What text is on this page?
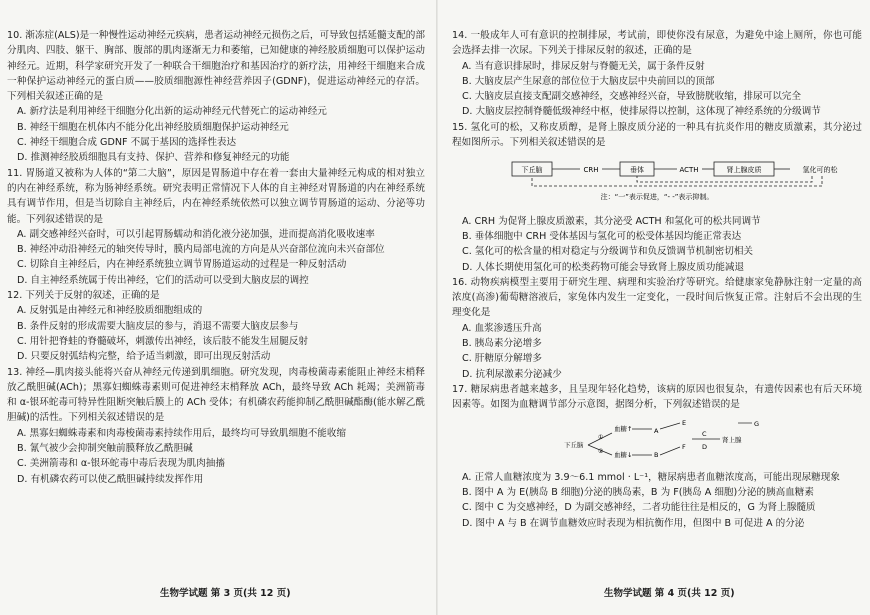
10. 渐冻症(ALS)是一种慢性运动神经元疾病，患者运动神经元损伤之后，可导致包括延髓支配的部分肌肉、四肢、躯干、胸部、腹部的肌肉逐渐无力和萎缩，已知健康的神经胶质细胞可以保护运动神经元。近期，科学家研究开发了一种联合干细胞治疗和基因治疗的新疗法，用神经干细胞来合成一种保护运动神经元的蛋白质——胶质细胞源性神经营养因子(GDNF)，促进运动神经元的存活。下列相关叙述正确的是
A. 新疗法是利用神经干细胞分化出新的运动神经元代替死亡的运动神经元
B. 神经干细胞在机体内不能分化出神经胶质细胞保护运动神经元
C. 神经干细胞合成 GDNF 不属于基因的选择性表达
D. 推测神经胶质细胞具有支持、保护、营养和修复神经元的功能
11. 胃肠道又被称为人体的“第二大脑”，原因是胃肠道中存在着一套由大量神经元构成的相对独立的内在神经系统，称为肠神经系统。研究表明正常情况下人体的自主神经对胃肠道的内在神经系统具有调节作用，但是当切除自主神经后，内在神经系统依然可以独立调节胃肠道的运动、分泌等功能。下列叙述错误的是
A. 副交感神经兴奋时，可以引起胃肠蠕动和消化液分泌加强，进而提高消化吸收速率
B. 神经冲动沿神经元的轴突传导时，膜内局部电流的方向是从兴奋部位流向未兴奋部位
C. 切除自主神经后，内在神经系统独立调节胃肠道运动的过程是一种反射活动
D. 自主神经系统属于传出神经，它们的活动可以受到大脑皮层的调控
12. 下列关于反射的叙述，正确的是
A. 反射弧是由神经元和神经胶质细胞组成的
B. 条件反射的形成需要大脑皮层的参与，消退不需要大脑皮层参与
C. 用针把脊蛙的脊髓破坏，刺激传出神经，该后肢不能发生屈腿反射
D. 只要反射弧结构完整，给予适当刺激，即可出现反射活动
13. 神经—肌肉接头能将兴奋从神经元传递到肌细胞。研究发现，肉毒梭菌毒素能阻止神经末梢释放乙酰胆碱(ACh)；黑寡妇蜘蛛毒素则可促进神经末梢释放 ACh，最终导致 ACh 耗竭；美洲箭毒和 α-银环蛇毒可特异性阻断突触后膜上的 ACh 受体；有机磷农药能抑制乙酰胆碱酯酶(能水解乙酰胆碱)的活性。下列相关叙述错误的是
A. 黑寡妇蜘蛛毒素和肉毒梭菌毒素持续作用后，最终均可导致肌细胞不能收缩
B. 氰气被少会抑制突触前膜释放乙酰胆碱
C. 美洲箭毒和 α-银环蛇毒中毒后表现为肌肉抽搐
D. 有机磷农药可以使乙酰胆碱持续发挥作用
14. 一般成年人可有意识的控制排尿，考试前，即使你没有尿意，为避免中途上厕所，你也可能会选择去排一次尿。下列关于排尿反射的叙述，正确的是
A. 当有意识排尿时，排尿反射与脊髓无关，属于条件反射
B. 大脑皮层产生尿意的部位位于大脑皮层中央前回以的顶部
C. 大脑皮层直接支配副交感神经，交感神经兴奋，导致膀胱收缩，排尿可以完全
D. 大脑皮层控制脊髓低级神经中枢，使排尿得以控制，这体现了神经系统的分级调节
15. 氢化可的松，又称皮质醇，是肾上腺皮质分泌的一种具有抗炎作用的糖皮质激素，其分泌过程如图所示。下列相关叙述错误的是
下丘脑	CRH	垂体	ACTH	肾上腺皮质	氢化可的松
注：“一”表示促进，“- -”表示抑制。
A. CRH 为促肾上腺皮质激素，其分泌受 ACTH 和氢化可的松共同调节
B. 垂体细胞中 CRH 受体基因与氢化可的松受体基因均能正常表达
C. 氢化可的松含量的相对稳定与分级调节和负反馈调节机制密切相关
D. 人体长期使用氢化可的松类药物可能会导致肾上腺皮质功能减退
16. 动物疾病模型主要用于研究生理、病理和实验治疗等研究。给健康家兔静脉注射一定量的高浓度(高渗)葡萄糖溶液后，家兔体内发生一定变化，一段时间后恢复正常。注射后不会出现的生理变化是
A. 血浆渗透压升高
B. 胰岛素分泌增多
C. 肝糖原分解增多
D. 抗利尿激素分泌减少
17. 糖尿病患者越来越多，且呈现年轻化趋势，该病的原因也很复杂，有遗传因素也有后天环境因素等。如图为血糖调节部分示意图，据图分析，下列叙述错误的是
血糖↑
血糖↓
下丘脑
A
B
C
D
E
F
G
肾上腺
①
②
A. 正常人血糖浓度为 3.9～6.1 mmol · L⁻¹，糖尿病患者血糖浓度高，可能出现尿糖现象
B. 图中 A 为 E(胰岛 B 细胞)分泌的胰岛素，B 为 F(胰岛 A 细胞)分泌的胰高血糖素
C. 图中 C 为交感神经，D 为副交感神经，二者功能往往是相反的，G 为肾上腺髓质
D. 图中 A 与 B 在调节血糖效应时表现为相抗衡作用，但图中 B 可促进 A 的分泌
生物学试题 第 3 页(共 12 页)	生物学试题 第 4 页(共 12 页)
